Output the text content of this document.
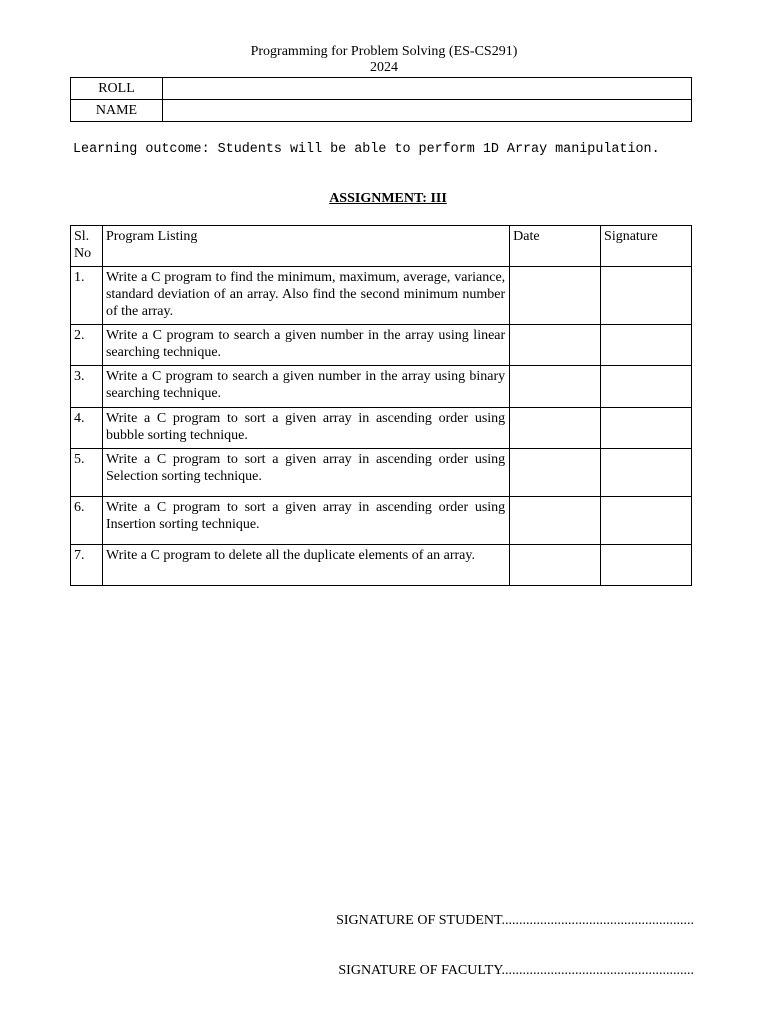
Programming for Problem Solving (ES-CS291)
2024
ROLL	
NAME	
Learning outcome: Students will be able to perform 1D Array manipulation.
ASSIGNMENT: III
Sl. No	Program Listing	Date	Signature
1.	Write a C program to find the minimum, maximum, average, variance, standard deviation of an array. Also find the second minimum number of the array.		
2.	Write a C program to search a given number in the array using linear searching technique.		
3.	Write a C program to search a given number in the array using binary searching technique.		
4.	Write a C program to sort a given array in ascending order using bubble sorting technique.		
5.	Write a C program to sort a given array in ascending order using Selection sorting technique.		
6.	Write a C program to sort a given array in ascending order using Insertion sorting technique.		
7.	Write a C program to delete all the duplicate elements of an array.		
SIGNATURE OF STUDENT.......................................................
SIGNATURE OF FACULTY.......................................................
